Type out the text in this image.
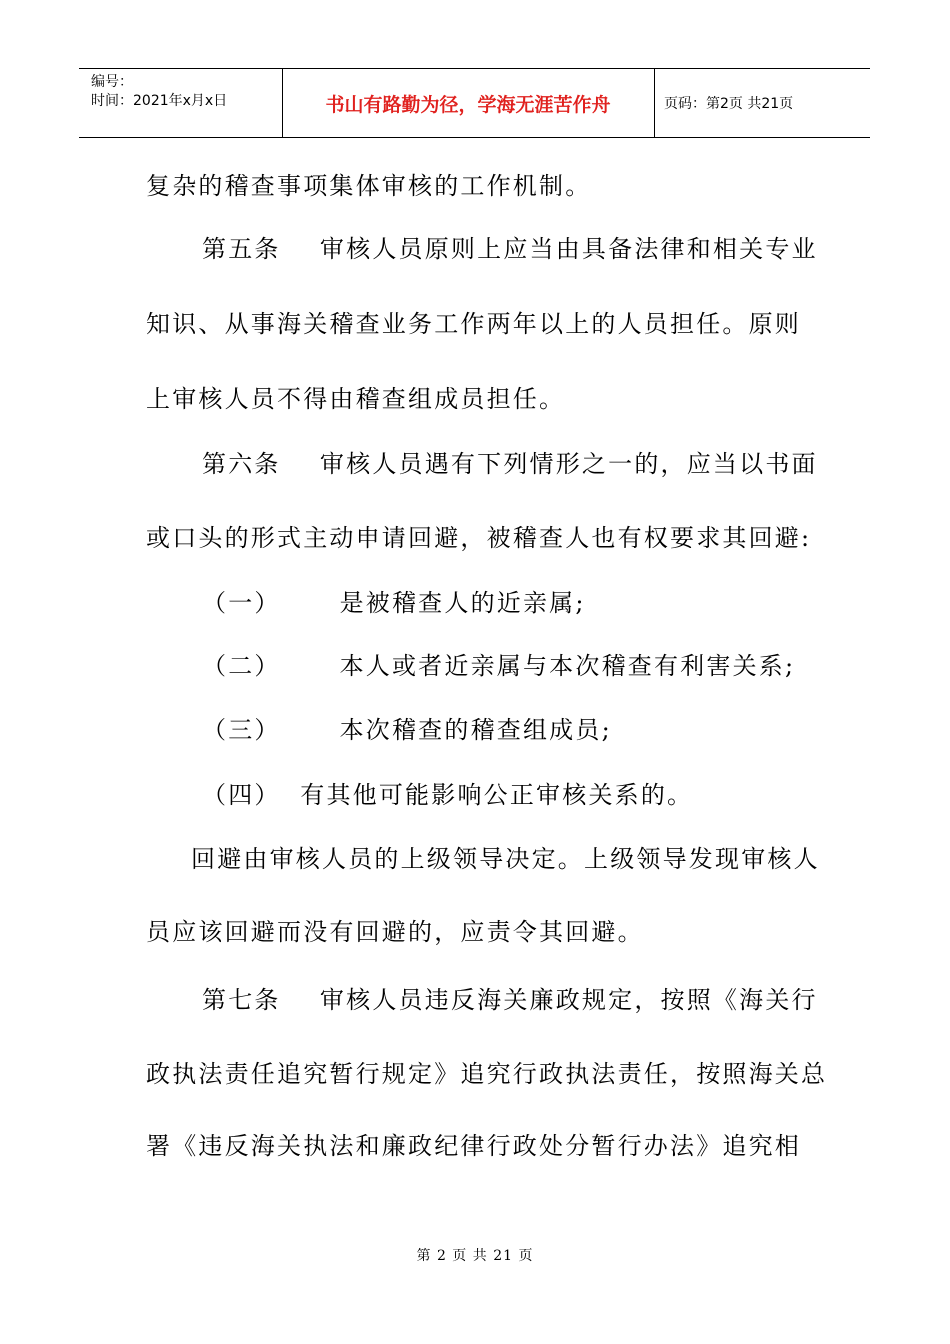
编号：
时间：2021年x月x日	书山有路勤为径，学海无涯苦作舟	页码：第2页 共21页
复杂的稽查事项集体审核的工作机制。
第五条    审核人员原则上应当由具备法律和相关专业
知识、从事海关稽查业务工作两年以上的人员担任。原则
上审核人员不得由稽查组成员担任。
第六条    审核人员遇有下列情形之一的，应当以书面
或口头的形式主动申请回避，被稽查人也有权要求其回避:
（一）      是被稽查人的近亲属;
（二）      本人或者近亲属与本次稽查有利害关系;
（三）      本次稽查的稽查组成员;
（四）  有其他可能影响公正审核关系的。
回避由审核人员的上级领导决定。上级领导发现审核人
员应该回避而没有回避的，应责令其回避。
第七条    审核人员违反海关廉政规定，按照《海关行
政执法责任追究暂行规定》追究行政执法责任，按照海关总
署《违反海关执法和廉政纪律行政处分暂行办法》追究相
第 2 页 共 21 页
